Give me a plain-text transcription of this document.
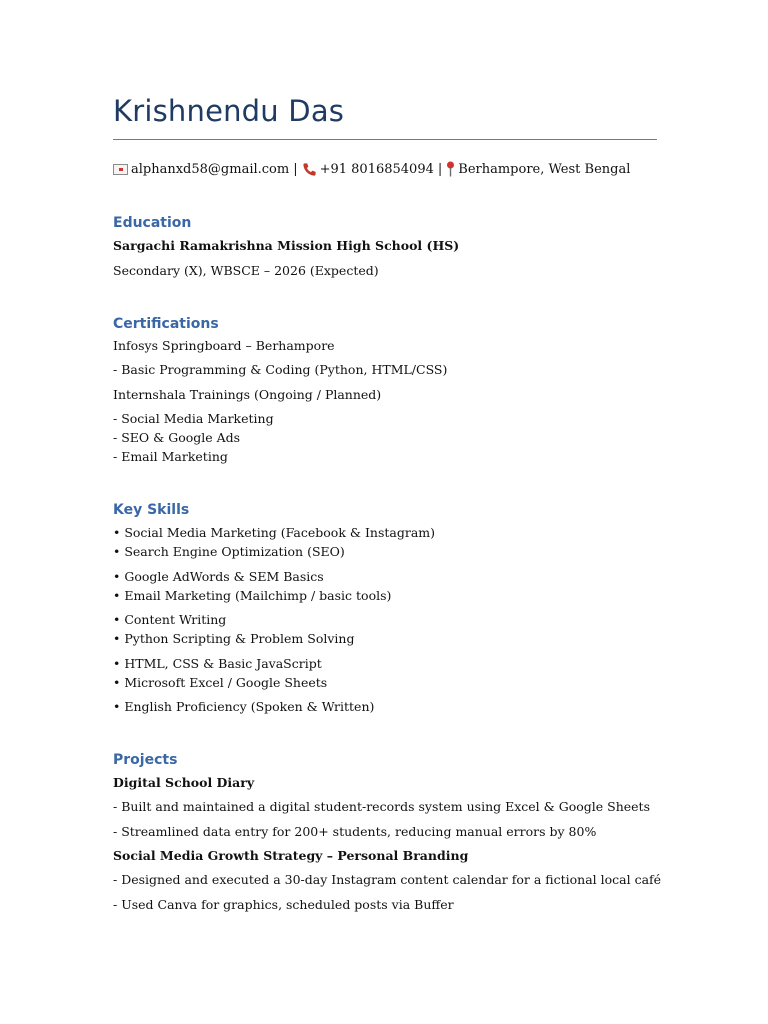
Krishnendu Das
alphanxd58@gmail.com | +91 8016854094 | Berhampore, West Bengal
Education
Sargachi Ramakrishna Mission High School (HS)
Secondary (X), WBSCE – 2026 (Expected)
Certifications
Infosys Springboard – Berhampore
- Basic Programming & Coding (Python, HTML/CSS)
Internshala Trainings (Ongoing / Planned)
- Social Media Marketing
- SEO & Google Ads
- Email Marketing
Key Skills
• Social Media Marketing (Facebook & Instagram)
• Search Engine Optimization (SEO)
• Google AdWords & SEM Basics
• Email Marketing (Mailchimp / basic tools)
• Content Writing
• Python Scripting & Problem Solving
• HTML, CSS & Basic JavaScript
• Microsoft Excel / Google Sheets
• English Proficiency (Spoken & Written)
Projects
Digital School Diary
- Built and maintained a digital student-records system using Excel & Google Sheets
- Streamlined data entry for 200+ students, reducing manual errors by 80%
Social Media Growth Strategy – Personal Branding
- Designed and executed a 30-day Instagram content calendar for a fictional local café
- Used Canva for graphics, scheduled posts via Buffer
